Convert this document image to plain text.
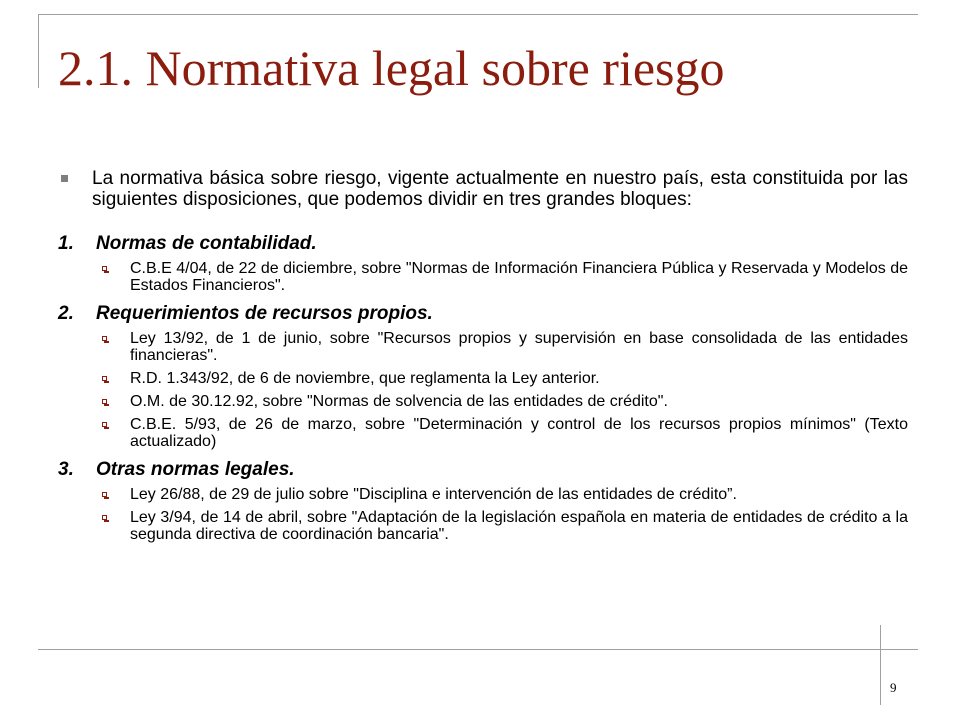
2.1. Normativa legal sobre riesgo

La normativa básica sobre riesgo, vigente actualmente en nuestro país, esta constituida por las siguientes disposiciones, que podemos dividir en tres grandes bloques:

1. Normas de contabilidad.

C.B.E 4/04, de 22 de diciembre, sobre "Normas de Información Financiera Pública y Reservada y Modelos de Estados Financieros".

2. Requerimientos de recursos propios.

Ley 13/92, de 1 de junio, sobre "Recursos propios y supervisión en base consolidada de las entidades financieras".

R.D. 1.343/92, de 6 de noviembre, que reglamenta la Ley anterior.

O.M. de 30.12.92, sobre "Normas de solvencia de las entidades de crédito".

C.B.E. 5/93, de 26 de marzo, sobre "Determinación y control de los recursos propios mínimos" (Texto actualizado)

3. Otras normas legales.

Ley 26/88, de 29 de julio sobre "Disciplina e intervención de las entidades de crédito”.

Ley 3/94, de 14 de abril, sobre "Adaptación de la legislación española en materia de entidades de crédito a la segunda directiva de coordinación bancaria".

9
